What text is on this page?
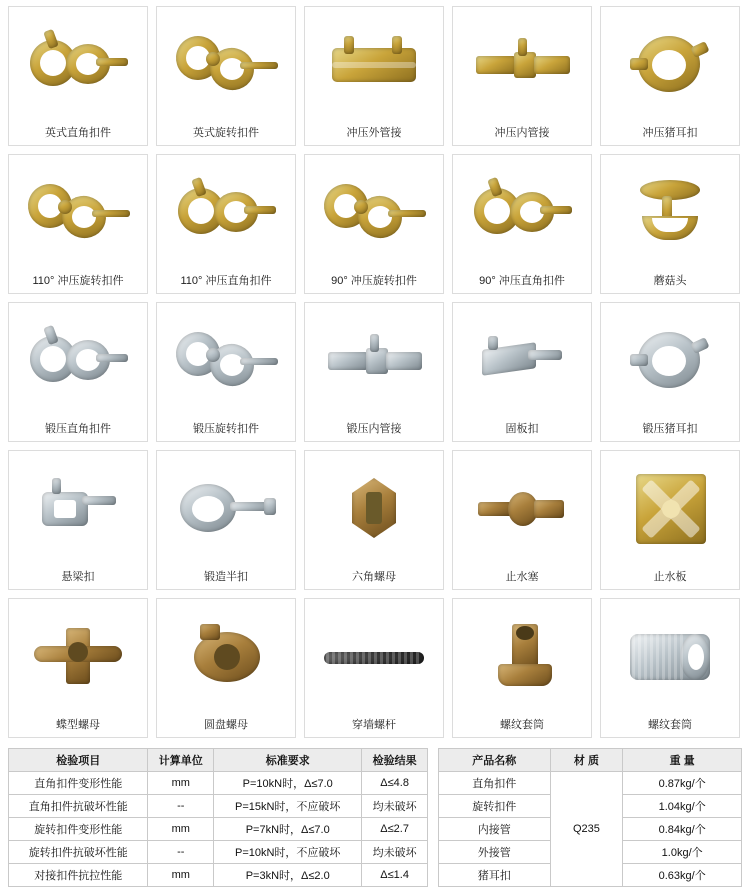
英式直角扣件	英式旋转扣件	冲压外管接	冲压内管接	冲压猪耳扣
110° 冲压旋转扣件	110° 冲压直角扣件	90° 冲压旋转扣件	90° 冲压直角扣件	蘑菇头
锻压直角扣件	锻压旋转扣件	锻压内管接	固板扣	锻压猪耳扣
悬梁扣	锻造半扣	六角螺母	止水塞	止水板
蝶型螺母	圆盘螺母	穿墙螺杆	螺纹套筒	螺纹套筒
检验项目	计算单位	标准要求	检验结果
直角扣件变形性能	mm	P=10kN时，Δ≤7.0	Δ≤4.8
直角扣件抗破坏性能	--	P=15kN时，不应破坏	均未破坏
旋转扣件变形性能	mm	P=7kN时，Δ≤7.0	Δ≤2.7
旋转扣件抗破坏性能	--	P=10kN时，不应破坏	均未破坏
对接扣件抗拉性能	mm	P=3kN时，Δ≤2.0	Δ≤1.4
产品名称	材 质	重 量
直角扣件	Q235	0.87kg/个
旋转扣件		1.04kg/个
内接管		0.84kg/个
外接管		1.0kg/个
猪耳扣		0.63kg/个
